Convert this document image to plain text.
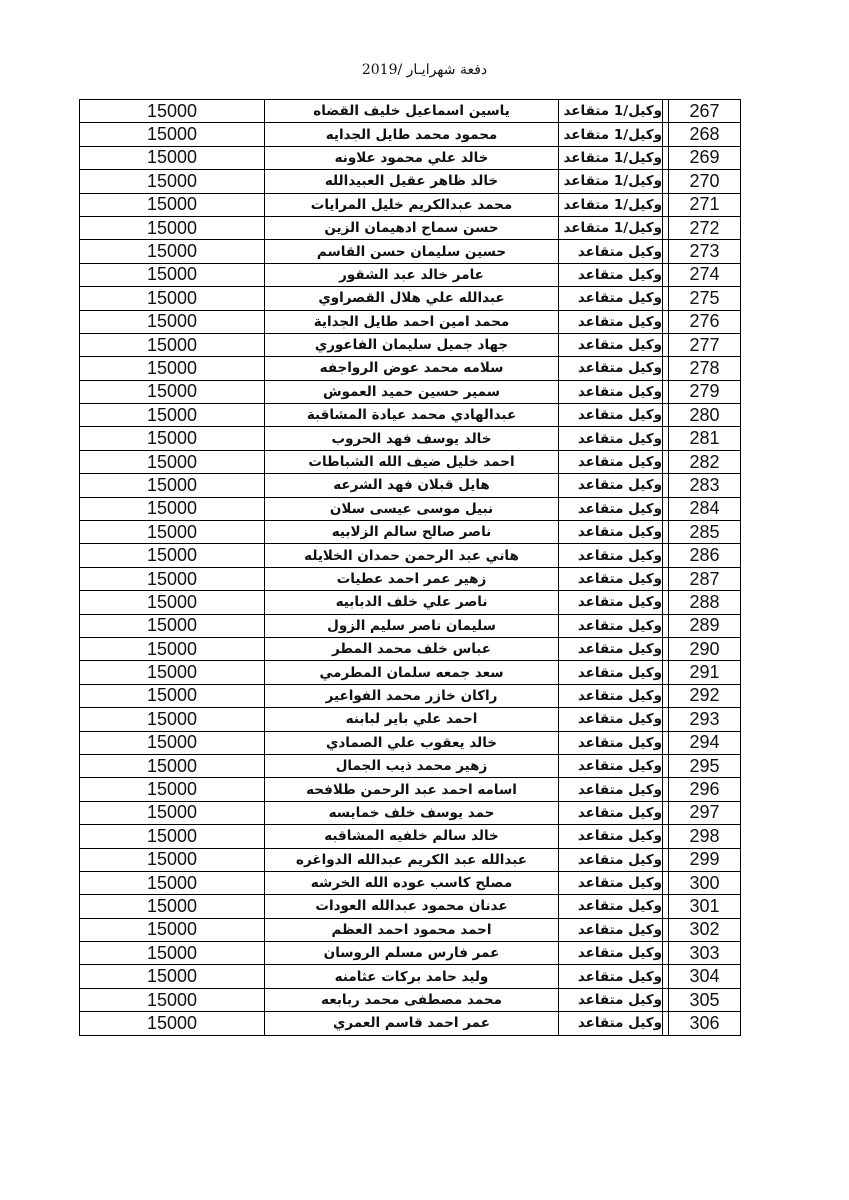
دفعة شهرايـار /2019
267		وكيل/1 متقاعد	ياسين اسماعيل خليف القضاه	15000
268		وكيل/1 متقاعد	محمود محمد طايل الجدايه	15000
269		وكيل/1 متقاعد	خالد علي محمود علاونه	15000
270		وكيل/1 متقاعد	خالد ظاهر عقيل العبيدالله	15000
271		وكيل/1 متقاعد	محمد عبدالكريم خليل المرايات	15000
272		وكيل/1 متقاعد	حسن سماح ادهيمان الزين	15000
273		وكيل متقاعد	حسين سليمان حسن القاسم	15000
274		وكيل متقاعد	عامر خالد عبد الشقور	15000
275		وكيل متقاعد	عبدالله علي هلال القصراوي	15000
276		وكيل متقاعد	محمد امين احمد طايل الجداية	15000
277		وكيل متقاعد	جهاد جميل سليمان الفاعوري	15000
278		وكيل متقاعد	سلامه محمد عوض الرواجفه	15000
279		وكيل متقاعد	سمير حسين حميد العموش	15000
280		وكيل متقاعد	عبدالهادي محمد عيادة المشاقبة	15000
281		وكيل متقاعد	خالد يوسف فهد الحروب	15000
282		وكيل متقاعد	احمد خليل ضيف الله الشباطات	15000
283		وكيل متقاعد	هايل قبلان فهد الشرعه	15000
284		وكيل متقاعد	نبيل موسى عيسى سلان	15000
285		وكيل متقاعد	ناصر صالح سالم الزلابيه	15000
286		وكيل متقاعد	هاني عبد الرحمن حمدان الخلايله	15000
287		وكيل متقاعد	زهير عمر احمد عطيات	15000
288		وكيل متقاعد	ناصر علي خلف الدبابيه	15000
289		وكيل متقاعد	سليمان ناصر سليم الزول	15000
290		وكيل متقاعد	عباس خلف محمد المطر	15000
291		وكيل متقاعد	سعد جمعه سلمان المطرمي	15000
292		وكيل متقاعد	راكان خازر محمد الفواعير	15000
293		وكيل متقاعد	احمد علي باير لبابنه	15000
294		وكيل متقاعد	خالد يعقوب علي الصمادي	15000
295		وكيل متقاعد	زهير محمد ذيب الجمال	15000
296		وكيل متقاعد	اسامه احمد عبد الرحمن طلافحه	15000
297		وكيل متقاعد	حمد يوسف خلف خمايسه	15000
298		وكيل متقاعد	خالد سالم خلفيه المشاقبه	15000
299		وكيل متقاعد	عبدالله عبد الكريم عبدالله الدواغره	15000
300		وكيل متقاعد	مصلح كاسب عوده الله الخرشه	15000
301		وكيل متقاعد	عدنان محمود عبدالله العودات	15000
302		وكيل متقاعد	احمد محمود احمد العظم	15000
303		وكيل متقاعد	عمر فارس مسلم الروسان	15000
304		وكيل متقاعد	وليد حامد بركات عثامنه	15000
305		وكيل متقاعد	محمد مصطفى محمد ربابعه	15000
306		وكيل متقاعد	عمر احمد قاسم العمري	15000
